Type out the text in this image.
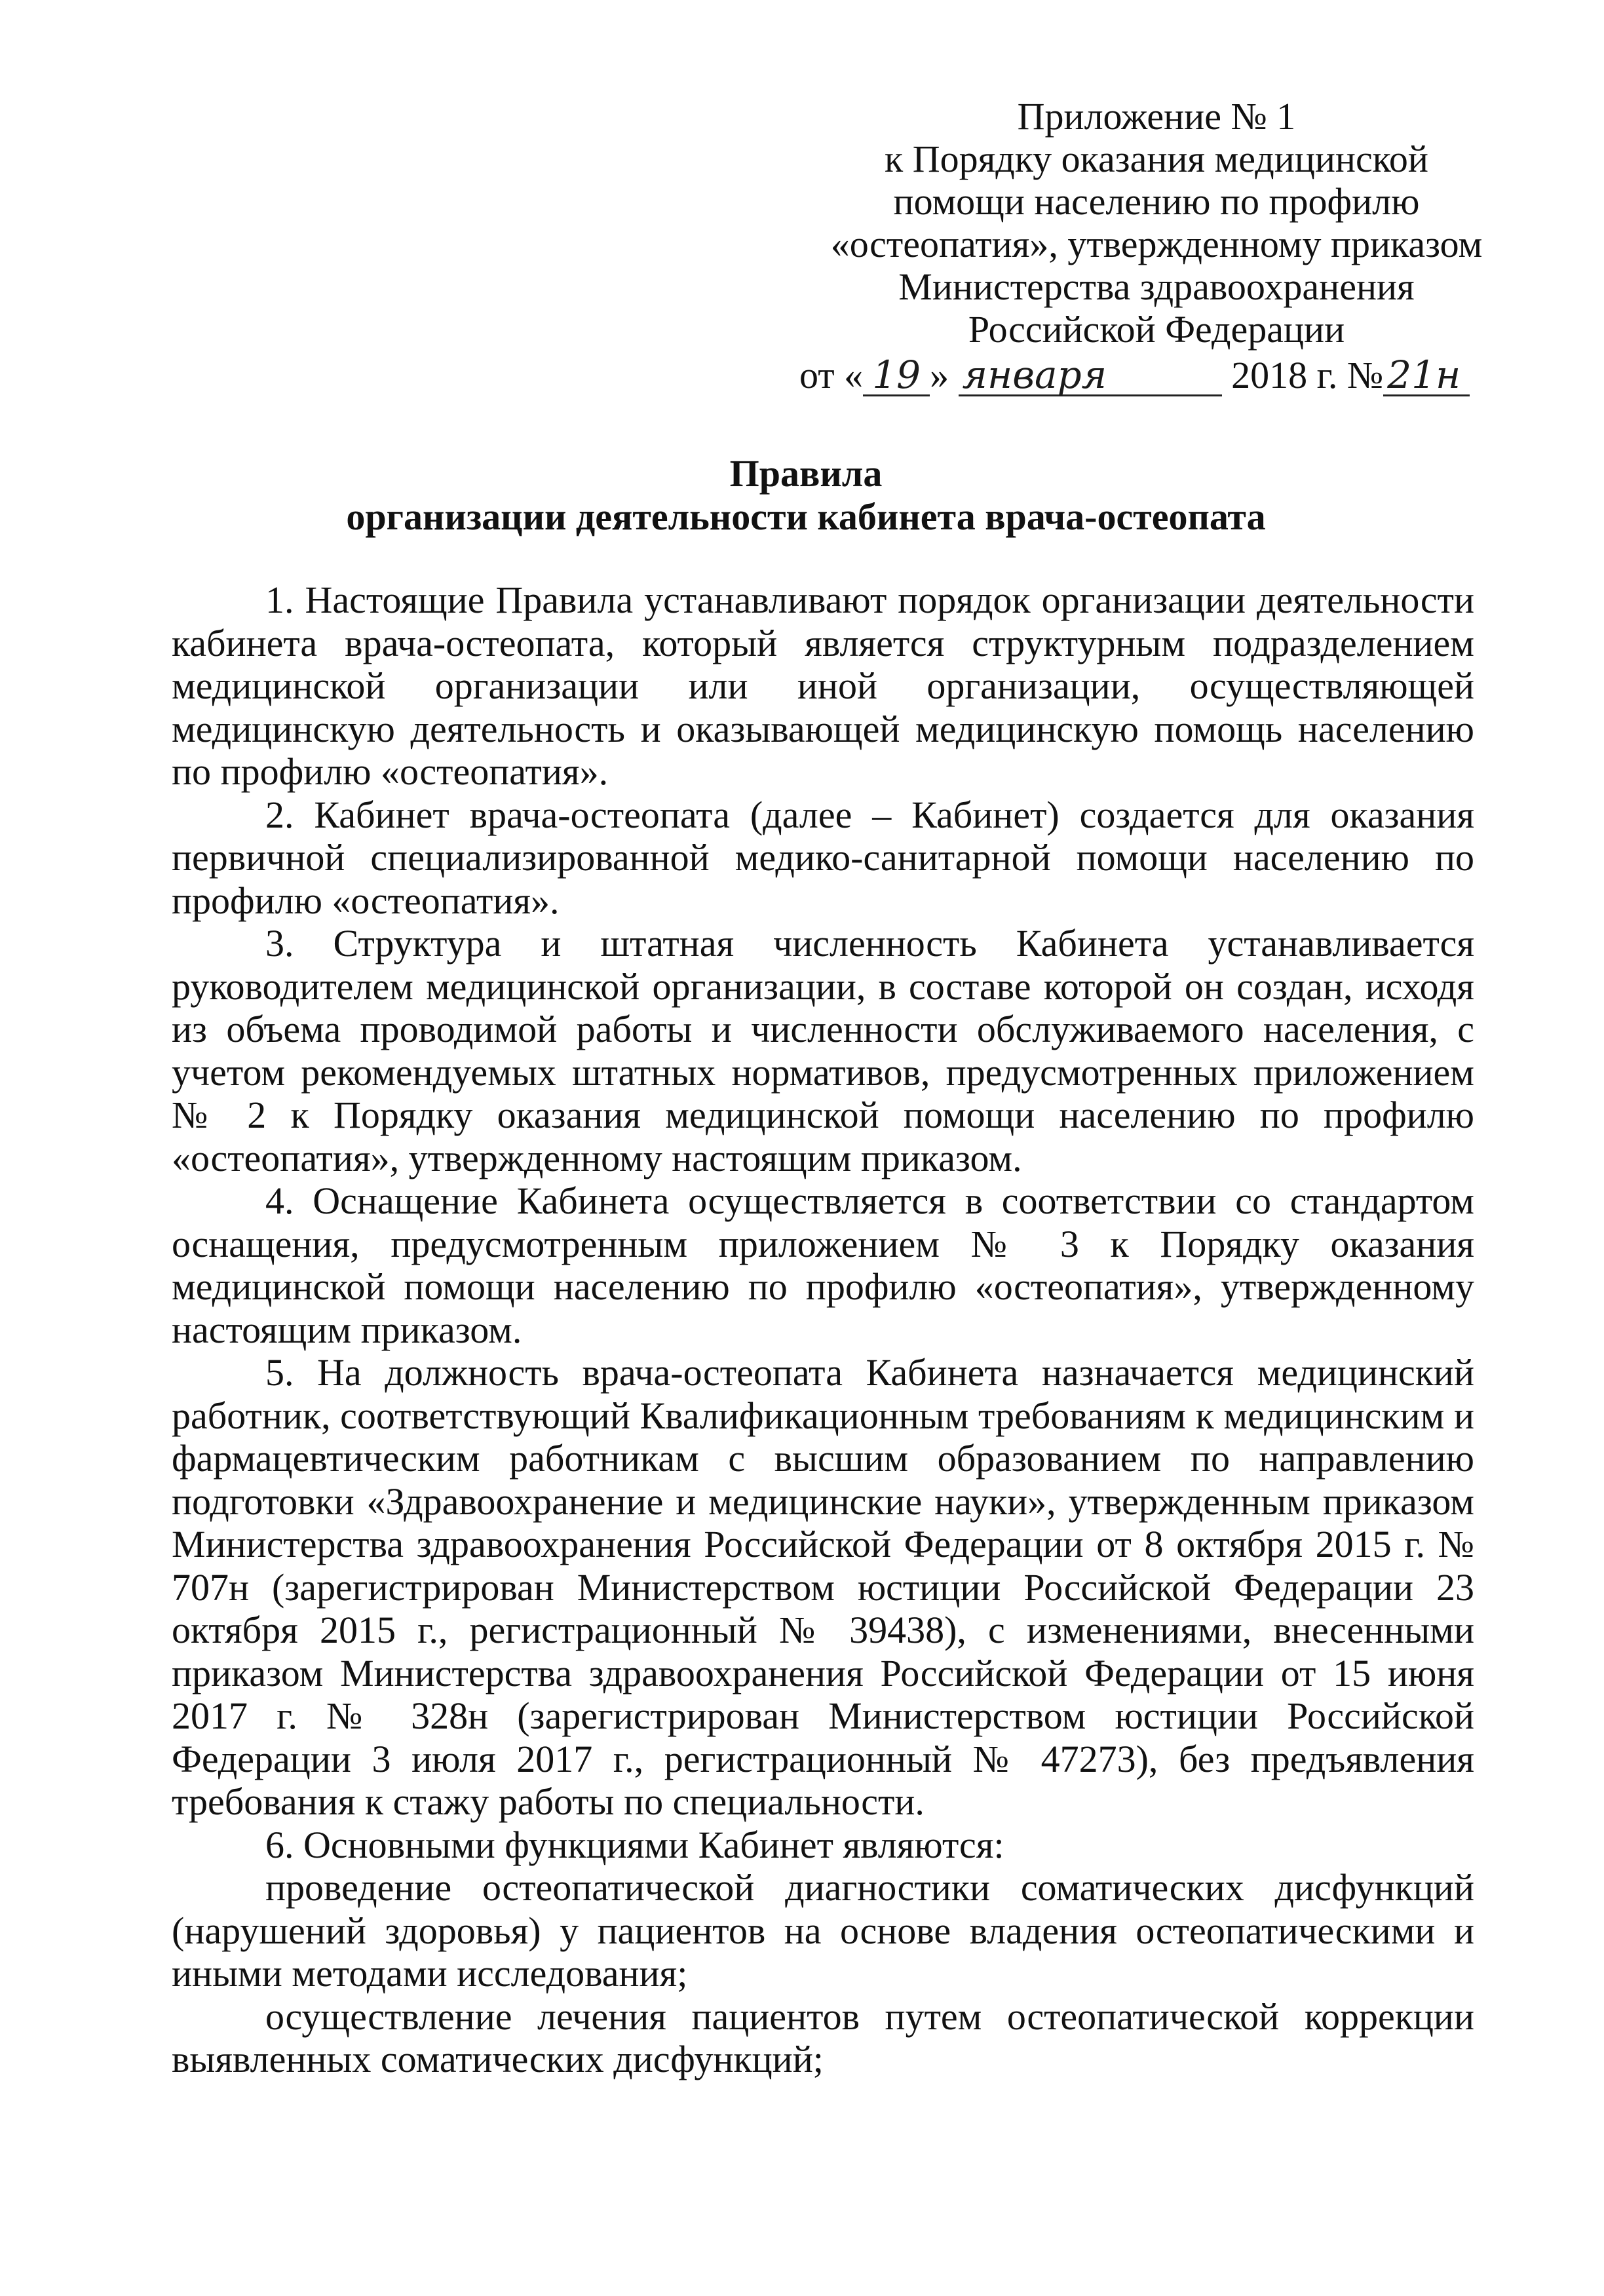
Приложение № 1
к Порядку оказания медицинской
помощи населению по профилю
«остеопатия», утвержденному приказом
Министерства здравоохранения
Российской Федерации
от « 19 » января	2018 г. № 21н
Правила
организации деятельности кабинета врача-остеопата

1. Настоящие Правила устанавливают порядок организации деятельности кабинета врача-остеопата, который является структурным подразделением медицинской организации или иной организации, осуществляющей медицинскую деятельность и оказывающей медицинскую помощь населению по профилю «остеопатия».

2. Кабинет врача-остеопата (далее – Кабинет) создается для оказания первичной специализированной медико-санитарной помощи населению по профилю «остеопатия».

3. Структура и штатная численность Кабинета устанавливается руководителем медицинской организации, в составе которой он создан, исходя из объема проводимой работы и численности обслуживаемого населения, с учетом рекомендуемых штатных нормативов, предусмотренных приложением № 2 к Порядку оказания медицинской помощи населению по профилю «остеопатия», утвержденному настоящим приказом.

4. Оснащение Кабинета осуществляется в соответствии со стандартом оснащения, предусмотренным приложением № 3 к Порядку оказания медицинской помощи населению по профилю «остеопатия», утвержденному настоящим приказом.

5. На должность врача-остеопата Кабинета назначается медицинский работник, соответствующий Квалификационным требованиям к медицинским и фармацевтическим работникам с высшим образованием по направлению подготовки «Здравоохранение и медицинские науки», утвержденным приказом Министерства здравоохранения Российской Федерации от 8 октября 2015 г. № 707н (зарегистрирован Министерством юстиции Российской Федерации 23 октября 2015 г., регистрационный № 39438), с изменениями, внесенными приказом Министерства здравоохранения Российской Федерации от 15 июня 2017 г. № 328н (зарегистрирован Министерством юстиции Российской Федерации 3 июля 2017 г., регистрационный № 47273), без предъявления требования к стажу работы по специальности.

6. Основными функциями Кабинет являются:

проведение остеопатической диагностики соматических дисфункций (нарушений здоровья) у пациентов на основе владения остеопатическими и иными методами исследования;

осуществление лечения пациентов путем остеопатической коррекции выявленных соматических дисфункций;
